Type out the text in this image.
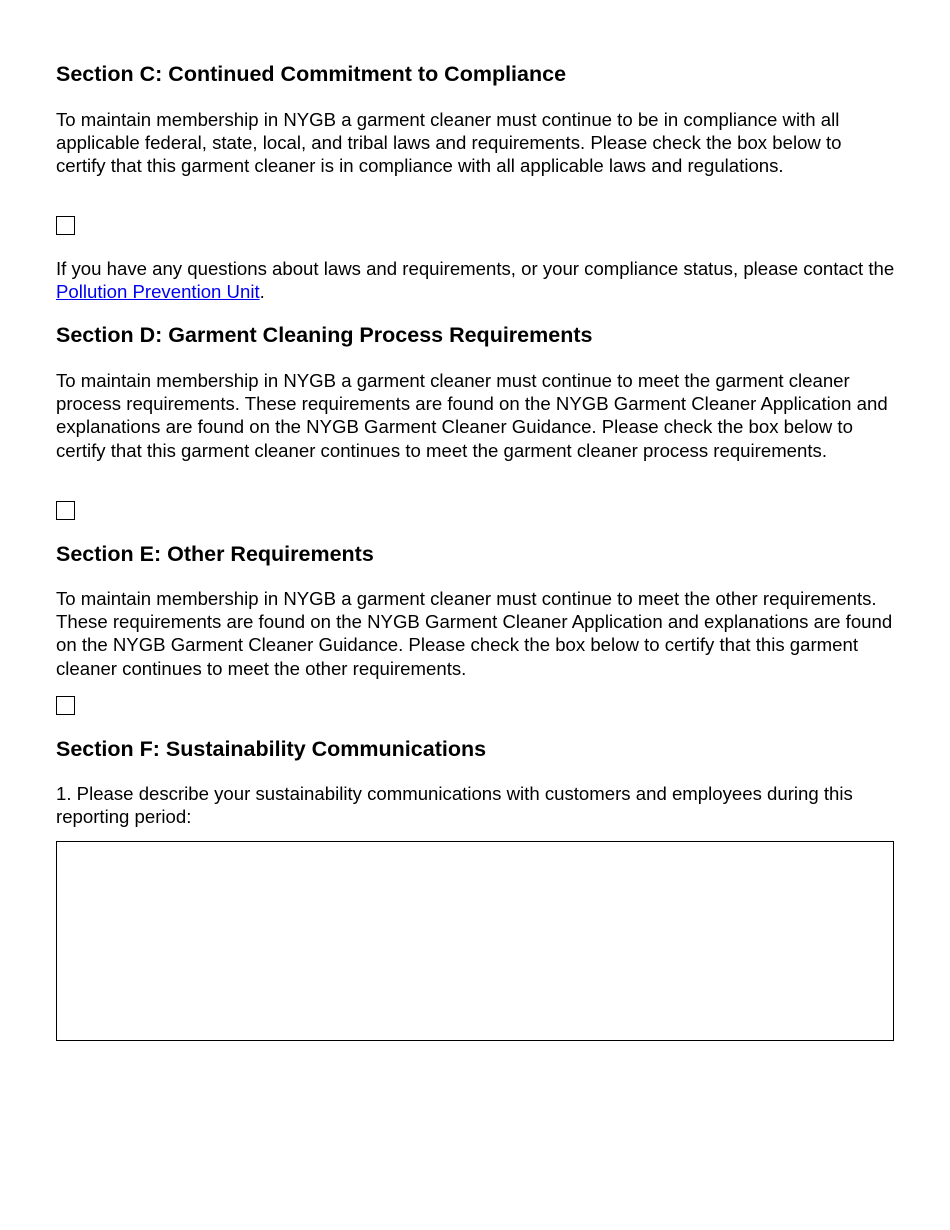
Section C: Continued Commitment to Compliance

To maintain membership in NYGB a garment cleaner must continue to be in compliance with all applicable federal, state, local, and tribal laws and requirements. Please check the box below to certify that this garment cleaner is in compliance with all applicable laws and regulations.

If you have any questions about laws and requirements, or your compliance status, please contact the Pollution Prevention Unit.

Section D: Garment Cleaning Process Requirements

To maintain membership in NYGB a garment cleaner must continue to meet the garment cleaner process requirements. These requirements are found on the NYGB Garment Cleaner Application and explanations are found on the NYGB Garment Cleaner Guidance. Please check the box below to certify that this garment cleaner continues to meet the garment cleaner process requirements.

Section E: Other Requirements

To maintain membership in NYGB a garment cleaner must continue to meet the other requirements. These requirements are found on the NYGB Garment Cleaner Application and explanations are found on the NYGB Garment Cleaner Guidance. Please check the box below to certify that this garment cleaner continues to meet the other requirements.

Section F: Sustainability Communications

1. Please describe your sustainability communications with customers and employees during this reporting period:
